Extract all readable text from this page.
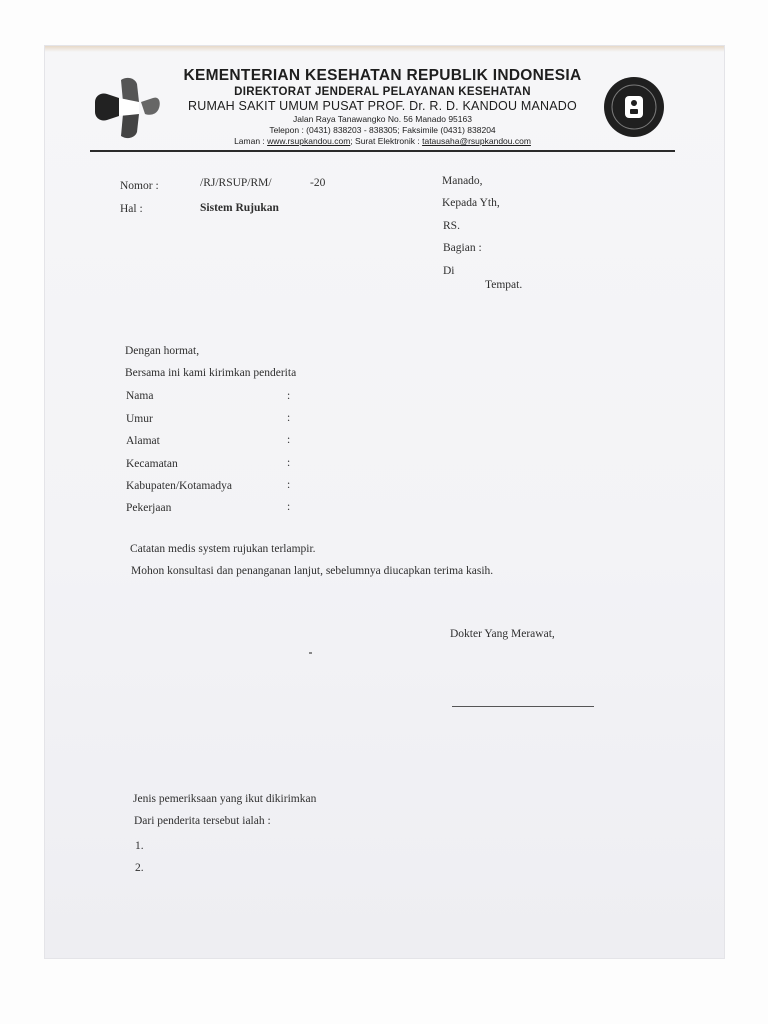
KEMENTERIAN KESEHATAN REPUBLIK INDONESIA
DIREKTORAT JENDERAL PELAYANAN KESEHATAN
RUMAH SAKIT UMUM PUSAT PROF. Dr. R. D. KANDOU MANADO
Jalan Raya Tanawangko No. 56 Manado 95163
Telepon : (0431) 838203 - 838305; Faksimile (0431) 838204
Laman : www.rsupkandou.com; Surat Elektronik : tatausaha@rsupkandou.com
Nomor :	/RJ/RSUP/RM/	-20
Hal :	Sistem Rujukan
Manado,
Kepada Yth,
RS.
Bagian :
Di
Tempat.
Dengan hormat,
Bersama ini kami kirimkan penderita
Nama	:
Umur	:
Alamat	:
Kecamatan	:
Kabupaten/Kotamadya	:
Pekerjaan	:
Catatan medis system rujukan terlampir.
Mohon konsultasi dan penanganan lanjut, sebelumnya diucapkan terima kasih.
Dokter Yang Merawat,
Jenis pemeriksaan yang ikut dikirimkan
Dari penderita tersebut ialah :
1.
2.
